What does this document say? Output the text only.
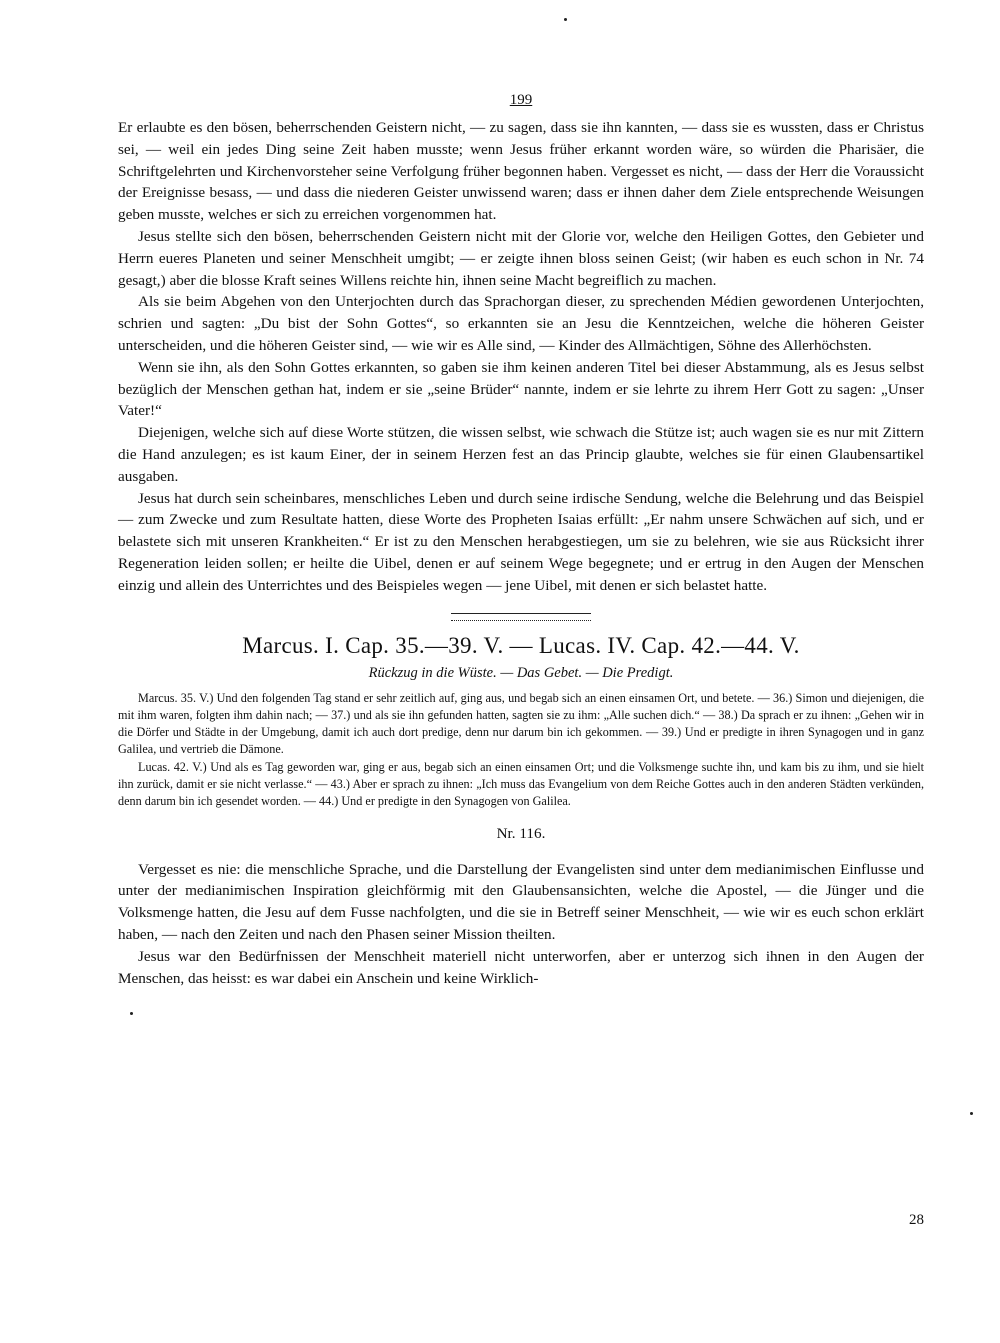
199

Er erlaubte es den bösen, beherrschenden Geistern nicht, — zu sagen, dass sie ihn kannten, — dass sie es wussten, dass er Christus sei, — weil ein jedes Ding seine Zeit haben musste; wenn Jesus früher erkannt worden wäre, so würden die Pharisäer, die Schriftgelehrten und Kirchenvorsteher seine Verfolgung früher begonnen haben. Vergesset es nicht, — dass der Herr die Voraussicht der Ereignisse besass, — und dass die niederen Geister unwissend waren; dass er ihnen daher dem Ziele entsprechende Weisungen geben musste, welches er sich zu erreichen vorgenommen hat.

Jesus stellte sich den bösen, beherrschenden Geistern nicht mit der Glorie vor, welche den Heiligen Gottes, den Gebieter und Herrn eueres Planeten und seiner Menschheit umgibt; — er zeigte ihnen bloss seinen Geist; (wir haben es euch schon in Nr. 74 gesagt,) aber die blosse Kraft seines Willens reichte hin, ihnen seine Macht begreiflich zu machen.

Als sie beim Abgehen von den Unterjochten durch das Sprachorgan dieser, zu sprechenden Médien gewordenen Unterjochten, schrien und sagten: „Du bist der Sohn Gottes“, so erkannten sie an Jesu die Kenntzeichen, welche die höheren Geister unterscheiden, und die höheren Geister sind, — wie wir es Alle sind, — Kinder des Allmächtigen, Söhne des Allerhöchsten.

Wenn sie ihn, als den Sohn Gottes erkannten, so gaben sie ihm keinen anderen Titel bei dieser Abstammung, als es Jesus selbst bezüglich der Menschen gethan hat, indem er sie „seine Brüder“ nannte, indem er sie lehrte zu ihrem Herr Gott zu sagen: „Unser Vater!“

Diejenigen, welche sich auf diese Worte stützen, die wissen selbst, wie schwach die Stütze ist; auch wagen sie es nur mit Zittern die Hand anzulegen; es ist kaum Einer, der in seinem Herzen fest an das Princip glaubte, welches sie für einen Glaubensartikel ausgaben.

Jesus hat durch sein scheinbares, menschliches Leben und durch seine irdische Sendung, welche die Belehrung und das Beispiel — zum Zwecke und zum Resultate hatten, diese Worte des Propheten Isaias erfüllt: „Er nahm unsere Schwächen auf sich, und er belastete sich mit unseren Krankheiten.“ Er ist zu den Menschen herabgestiegen, um sie zu belehren, wie sie aus Rücksicht ihrer Regeneration leiden sollen; er heilte die Uibel, denen er auf seinem Wege begegnete; und er ertrug in den Augen der Menschen einzig und allein des Unterrichtes und des Beispieles wegen — jene Uibel, mit denen er sich belastet hatte.

Marcus. I. Cap. 35.—39. V. — Lucas. IV. Cap. 42.—44. V.
Rückzug in die Wüste. — Das Gebet. — Die Predigt.

Marcus. 35. V.) Und den folgenden Tag stand er sehr zeitlich auf, ging aus, und begab sich an einen einsamen Ort, und betete. — 36.) Simon und diejenigen, die mit ihm waren, folgten ihm dahin nach; — 37.) und als sie ihn gefunden hatten, sagten sie zu ihm: „Alle suchen dich.“ — 38.) Da sprach er zu ihnen: „Gehen wir in die Dörfer und Städte in der Umgebung, damit ich auch dort predige, denn nur darum bin ich gekommen. — 39.) Und er predigte in ihren Synagogen und in ganz Galilea, und vertrieb die Dämone.

Lucas. 42. V.) Und als es Tag geworden war, ging er aus, begab sich an einen einsamen Ort; und die Volksmenge suchte ihn, und kam bis zu ihm, und sie hielt ihn zurück, damit er sie nicht verlasse.“ — 43.) Aber er sprach zu ihnen: „Ich muss das Evangelium von dem Reiche Gottes auch in den anderen Städten verkünden, denn darum bin ich gesendet worden. — 44.) Und er predigte in den Synagogen von Galilea.

Nr. 116.

Vergesset es nie: die menschliche Sprache, und die Darstellung der Evangelisten sind unter dem medianimischen Einflusse und unter der medianimischen Inspiration gleichförmig mit den Glaubensansichten, welche die Apostel, — die Jünger und die Volksmenge hatten, die Jesu auf dem Fusse nachfolgten, und die sie in Betreff seiner Menschheit, — wie wir es euch schon erklärt haben, — nach den Zeiten und nach den Phasen seiner Mission theilten.

Jesus war den Bedürfnissen der Menschheit materiell nicht unterworfen, aber er unterzog sich ihnen in den Augen der Menschen, das heisst: es war dabei ein Anschein und keine Wirklich-

28
